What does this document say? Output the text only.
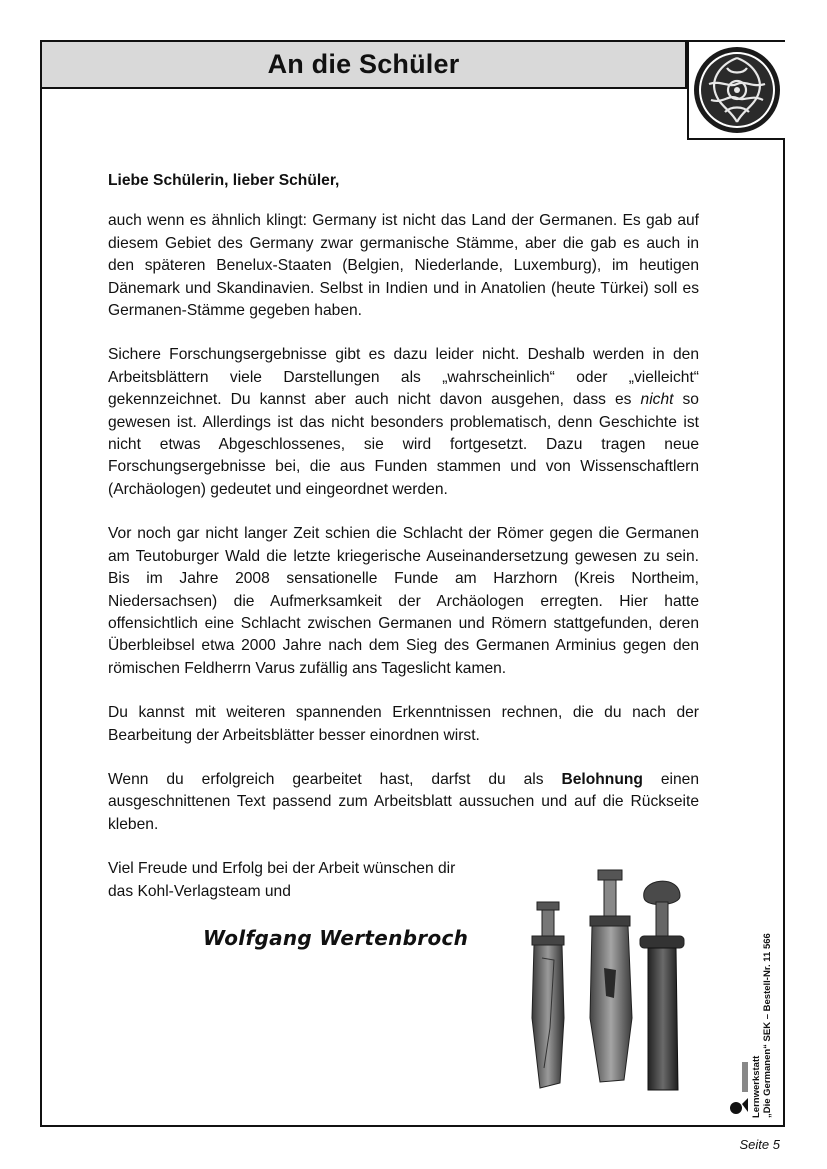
An die Schüler

Liebe Schülerin, lieber Schüler,

auch wenn es ähnlich klingt: Germany ist nicht das Land der Germanen. Es gab auf diesem Gebiet des Germany zwar germanische Stämme, aber die gab es auch in den späteren Benelux-Staaten (Belgien, Niederlande, Luxemburg), im heutigen Dänemark und Skandinavien. Selbst in Indien und in Anatolien (heute Türkei) soll es Germanen-Stämme gegeben haben.

Sichere Forschungsergebnisse gibt es dazu leider nicht. Deshalb werden in den Arbeitsblättern viele Darstellungen als „wahrscheinlich“ oder „vielleicht“ gekennzeichnet. Du kannst aber auch nicht davon ausgehen, dass es nicht so gewesen ist. Allerdings ist das nicht besonders problematisch, denn Geschichte ist nicht etwas Abgeschlossenes, sie wird fortgesetzt. Dazu tragen neue Forschungsergebnisse bei, die aus Funden stammen und von Wissenschaftlern (Archäologen) gedeutet und eingeordnet werden.

Vor noch gar nicht langer Zeit schien die Schlacht der Römer gegen die Germanen am Teutoburger Wald die letzte kriegerische Auseinandersetzung gewesen zu sein. Bis im Jahre 2008 sensationelle Funde am Harzhorn (Kreis Northeim, Niedersachsen) die Aufmerksamkeit der Archäologen erregten. Hier hatte offensichtlich eine Schlacht zwischen Germanen und Römern stattgefunden, deren Überbleibsel etwa 2000 Jahre nach dem Sieg des Germanen Arminius gegen den römischen Feldherrn Varus zufällig ans Tageslicht kamen.

Du kannst mit weiteren spannenden Erkenntnissen rechnen, die du nach der Bearbeitung der Arbeitsblätter besser einordnen wirst.

Wenn du erfolgreich gearbeitet hast, darfst du als Belohnung einen ausgeschnittenen Text passend zum Arbeitsblatt aussuchen und auf die Rückseite kleben.

Viel Freude und Erfolg bei der Arbeit wünschen dir

das Kohl-Verlagsteam und

Wolfgang Wertenbroch
Lernwerkstatt „Die Germanen“ SEK – Bestell-Nr. 11 566
Seite 5
